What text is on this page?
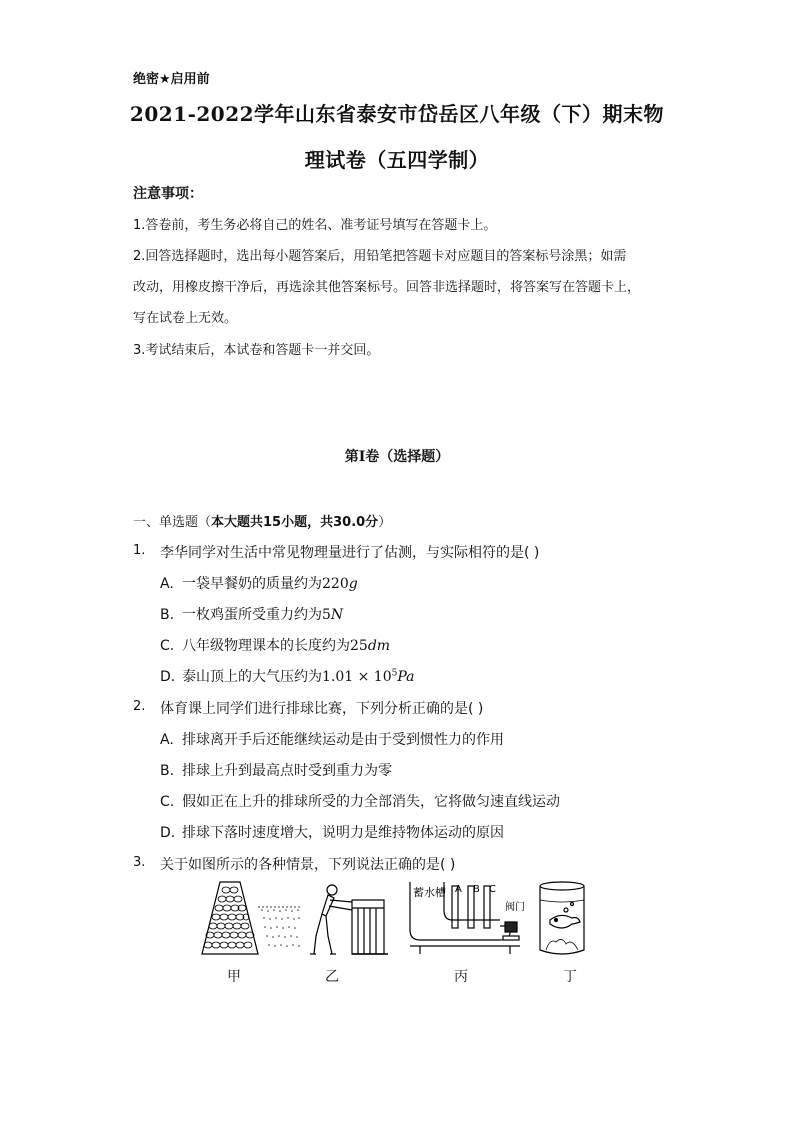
绝密★启用前
2021-2022学年山东省泰安市岱岳区八年级（下）期末物
理试卷（五四学制）
注意事项：
1.答卷前，考生务必将自己的姓名、准考证号填写在答题卡上。
2.回答选择题时，选出每小题答案后，用铅笔把答题卡对应题目的答案标号涂黑；如需
改动，用橡皮擦干净后，再选涂其他答案标号。回答非选择题时，将答案写在答题卡上，
写在试卷上无效。
3.考试结束后，本试卷和答题卡一并交回。
第I卷（选择题）
一、单选题（本大题共15小题，共30.0分）
1. 李华同学对生活中常见物理量进行了估测，与实际相符的是( )
A. 一袋早餐奶的质量约为220g
B. 一枚鸡蛋所受重力约为5N
C. 八年级物理课本的长度约为25dm
D. 泰山顶上的大气压约为$1.01 \times 10^5Pa$
2. 体育课上同学们进行排球比赛，下列分析正确的是( )
A. 排球离开手后还能继续运动是由于受到惯性力的作用
B. 排球上升到最高点时受到重力为零
C. 假如正在上升的排球所受的力全部消失，它将做匀速直线运动
D. 排球下落时速度增大，说明力是维持物体运动的原因
3. 关于如图所示的各种情景，下列说法正确的是( )
蓄水槽 A B C
阀门
甲	乙	丙	丁
